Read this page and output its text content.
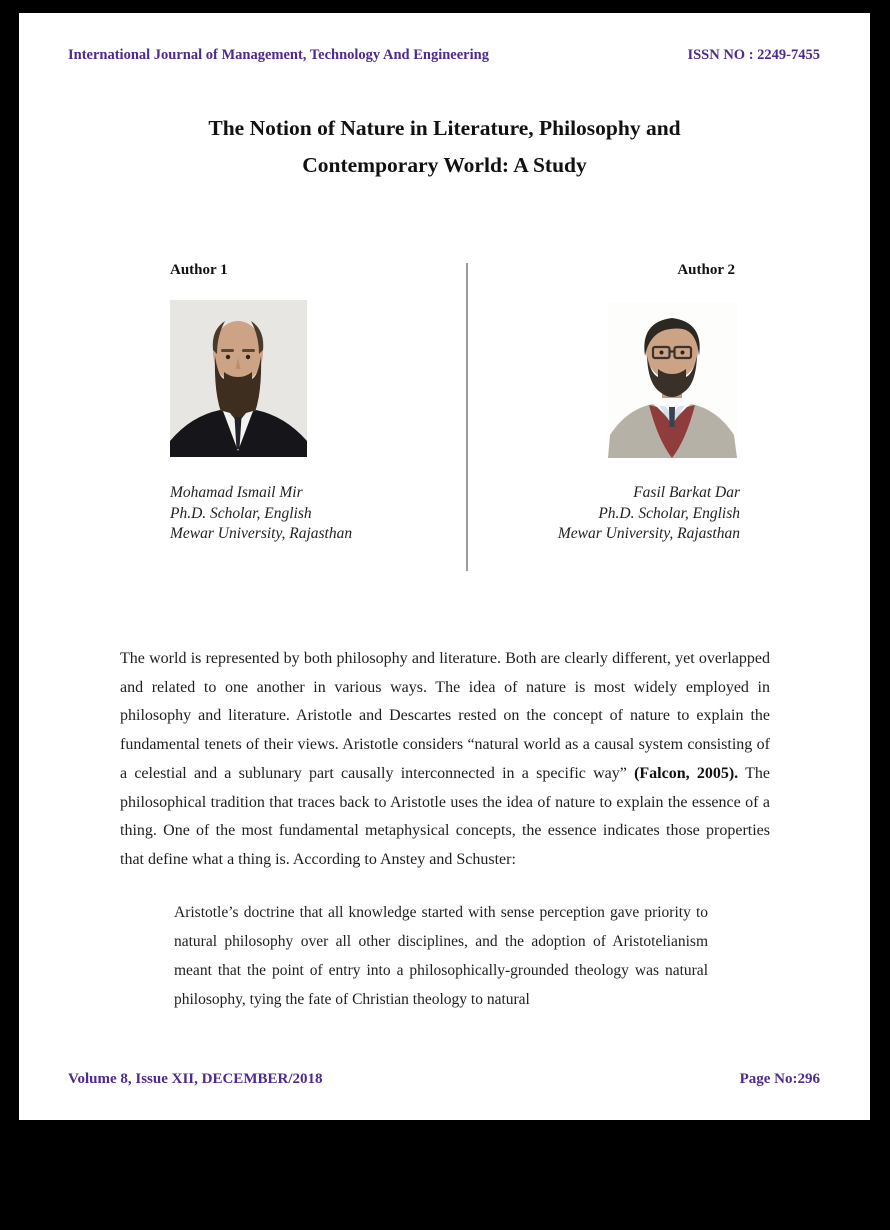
International Journal of Management, Technology And Engineering	ISSN NO : 2249-7455
The Notion of Nature in Literature, Philosophy and
Contemporary World: A Study
Author 1	Author 2
Mohamad Ismail Mir
Ph.D. Scholar, English
Mewar University, Rajasthan
Fasil Barkat Dar
Ph.D. Scholar, English
Mewar University, Rajasthan

The world is represented by both philosophy and literature. Both are clearly different, yet overlapped and related to one another in various ways. The idea of nature is most widely employed in philosophy and literature. Aristotle and Descartes rested on the concept of nature to explain the fundamental tenets of their views. Aristotle considers “natural world as a causal system consisting of a celestial and a sublunary part causally interconnected in a specific way” (Falcon, 2005). The philosophical tradition that traces back to Aristotle uses the idea of nature to explain the essence of a thing. One of the most fundamental metaphysical concepts, the essence indicates those properties that define what a thing is. According to Anstey and Schuster:

Aristotle’s doctrine that all knowledge started with sense perception gave priority to natural philosophy over all other disciplines, and the adoption of Aristotelianism meant that the point of entry into a philosophically-grounded theology was natural philosophy, tying the fate of Christian theology to natural

Volume 8, Issue XII, DECEMBER/2018	Page No:296
